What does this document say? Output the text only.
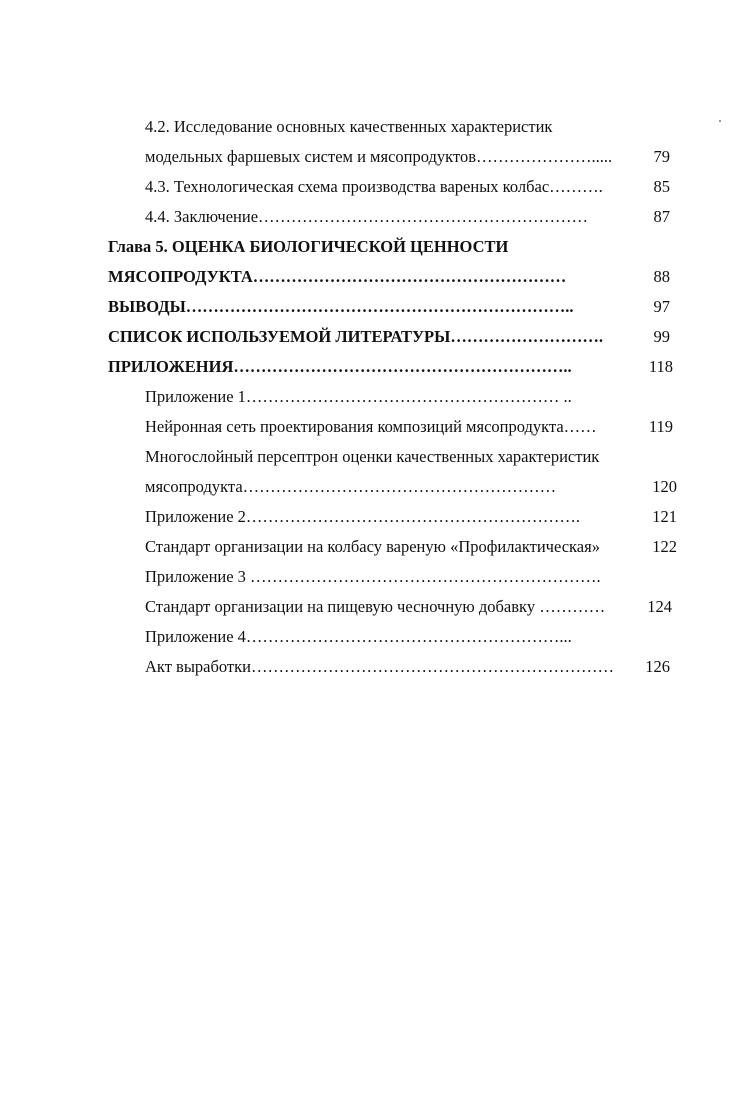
4.2. Исследование основных качественных характеристик
модельных фаршевых систем и мясопродуктов………………….....	79
4.3. Технологическая схема производства вареных колбас……….	85
4.4. Заключение……………………………………………………	87
Глава 5. ОЦЕНКА БИОЛОГИЧЕСКОЙ ЦЕННОСТИ
МЯСОПРОДУКТА…………………………………………………	88
ВЫВОДЫ……………………………………………………………..	97
СПИСОК ИСПОЛЬЗУЕМОЙ ЛИТЕРАТУРЫ……………………….	99
ПРИЛОЖЕНИЯ……………………………………………………..	118
Приложение 1………………………………………………… ..
Нейронная сеть проектирования композиций мясопродукта……	119
Многослойный персептрон оценки качественных характеристик
мясопродукта…………………………………………………	120
Приложение 2…………………………………………………….	121
Стандарт организации на колбасу вареную «Профилактическая»	122
Приложение 3 ……………………………………………………….
Стандарт организации на пищевую чесночную добавку …………	124
Приложение 4…………………………………………………...
Акт выработки…………………………………………………………	126
